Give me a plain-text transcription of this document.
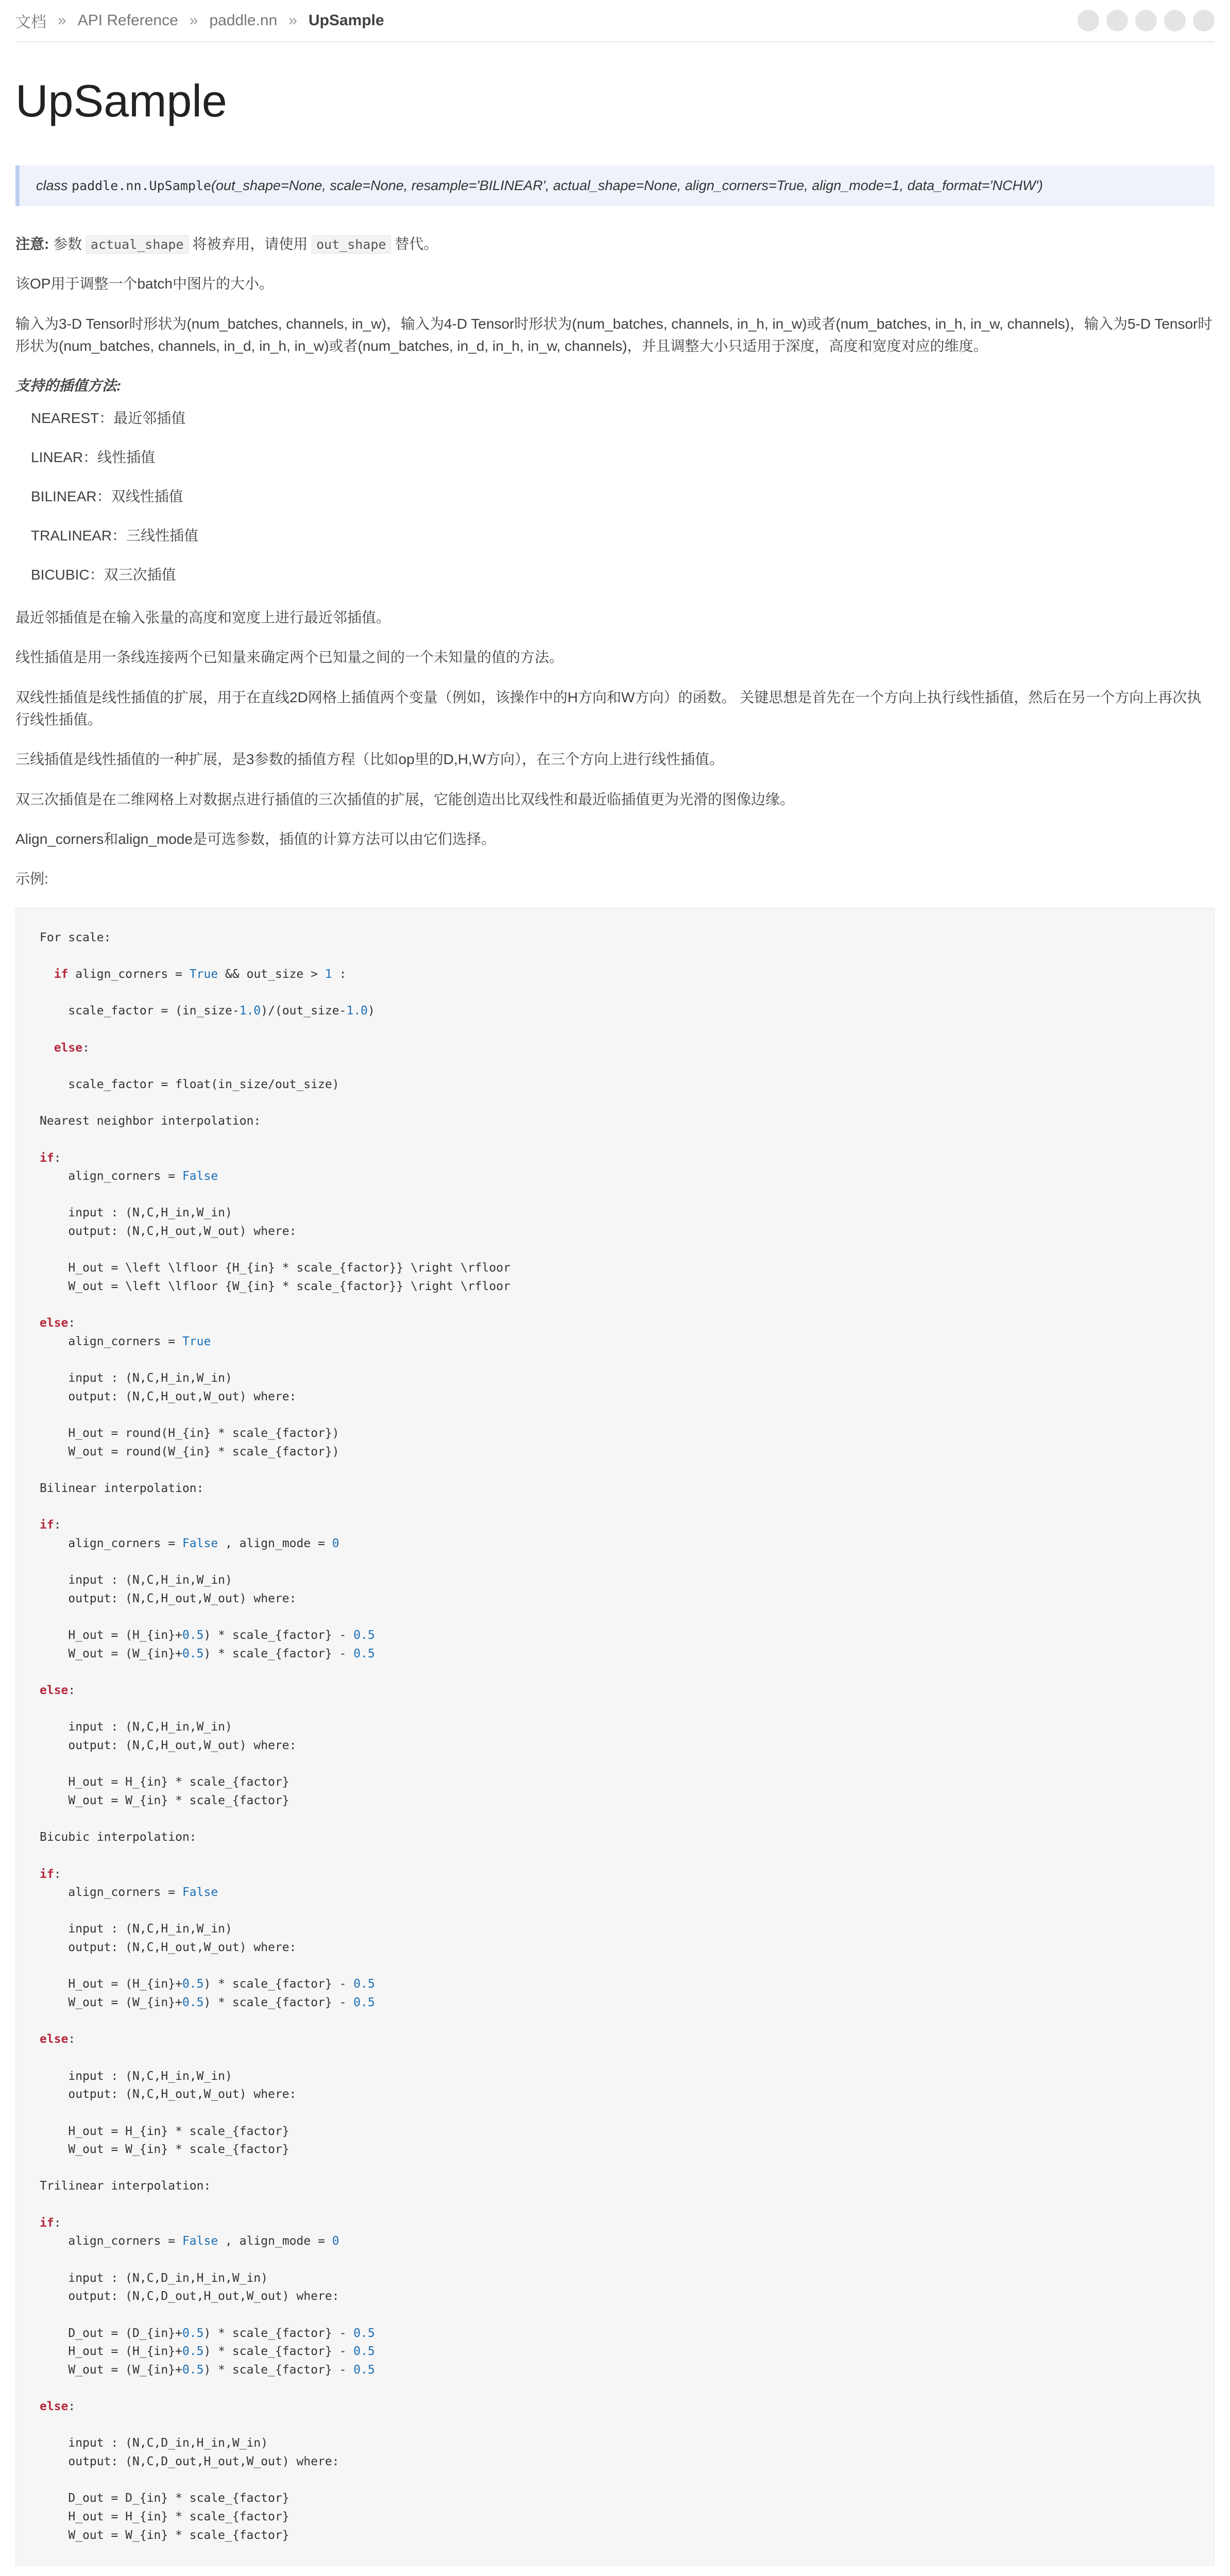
文档 » API Reference » paddle.nn » UpSample
UpSample
class paddle.nn.UpSample(out_shape=None, scale=None, resample='BILINEAR', actual_shape=None, align_corners=True, align_mode=1, data_format='NCHW')

注意: 参数 actual_shape 将被弃用，请使用 out_shape 替代。

该OP用于调整一个batch中图片的大小。

输入为3-D Tensor时形状为(num_batches, channels, in_w)，输入为4-D Tensor时形状为(num_batches, channels, in_h, in_w)或者(num_batches, in_h, in_w, channels)，输入为5-D Tensor时形状为(num_batches, channels, in_d, in_h, in_w)或者(num_batches, in_d, in_h, in_w, channels)，并且调整大小只适用于深度，高度和宽度对应的维度。

支持的插值方法:

NEAREST：最近邻插值
LINEAR：线性插值
BILINEAR：双线性插值
TRALINEAR：三线性插值
BICUBIC：双三次插值

最近邻插值是在输入张量的高度和宽度上进行最近邻插值。

线性插值是用一条线连接两个已知量来确定两个已知量之间的一个未知量的值的方法。

双线性插值是线性插值的扩展，用于在直线2D网格上插值两个变量（例如，该操作中的H方向和W方向）的函数。 关键思想是首先在一个方向上执行线性插值，然后在另一个方向上再次执行线性插值。

三线插值是线性插值的一种扩展，是3参数的插值方程（比如op里的D,H,W方向），在三个方向上进行线性插值。

双三次插值是在二维网格上对数据点进行插值的三次插值的扩展，它能创造出比双线性和最近临插值更为光滑的图像边缘。

Align_corners和align_mode是可选参数，插值的计算方法可以由它们选择。

示例:

For scale:

if align_corners = True && out_size > 1 :

scale_factor = (in_size-1.0)/(out_size-1.0)

else:

scale_factor = float(in_size/out_size)

Nearest neighbor interpolation:

if:
align_corners = False

input : (N,C,H_in,W_in)
output: (N,C,H_out,W_out) where:

H_out = \left \lfloor {H_{in} * scale_{factor}} \right \rfloor
W_out = \left \lfloor {W_{in} * scale_{factor}} \right \rfloor

else:
align_corners = True

input : (N,C,H_in,W_in)
output: (N,C,H_out,W_out) where:

H_out = round(H_{in} * scale_{factor})
W_out = round(W_{in} * scale_{factor})

Bilinear interpolation:

if:
align_corners = False , align_mode = 0

input : (N,C,H_in,W_in)
output: (N,C,H_out,W_out) where:

H_out = (H_{in}+0.5) * scale_{factor} - 0.5
W_out = (W_{in}+0.5) * scale_{factor} - 0.5

else:

input : (N,C,H_in,W_in)
output: (N,C,H_out,W_out) where:

H_out = H_{in} * scale_{factor}
W_out = W_{in} * scale_{factor}

Bicubic interpolation:

if:
align_corners = False

input : (N,C,H_in,W_in)
output: (N,C,H_out,W_out) where:

H_out = (H_{in}+0.5) * scale_{factor} - 0.5
W_out = (W_{in}+0.5) * scale_{factor} - 0.5

else:

input : (N,C,H_in,W_in)
output: (N,C,H_out,W_out) where:

H_out = H_{in} * scale_{factor}
W_out = W_{in} * scale_{factor}

Trilinear interpolation:

if:
align_corners = False , align_mode = 0

input : (N,C,D_in,H_in,W_in)
output: (N,C,D_out,H_out,W_out) where:

D_out = (D_{in}+0.5) * scale_{factor} - 0.5
H_out = (H_{in}+0.5) * scale_{factor} - 0.5
W_out = (W_{in}+0.5) * scale_{factor} - 0.5

else:

input : (N,C,D_in,H_in,W_in)
output: (N,C,D_out,H_out,W_out) where:

D_out = D_{in} * scale_{factor}
H_out = H_{in} * scale_{factor}
W_out = W_{in} * scale_{factor}
